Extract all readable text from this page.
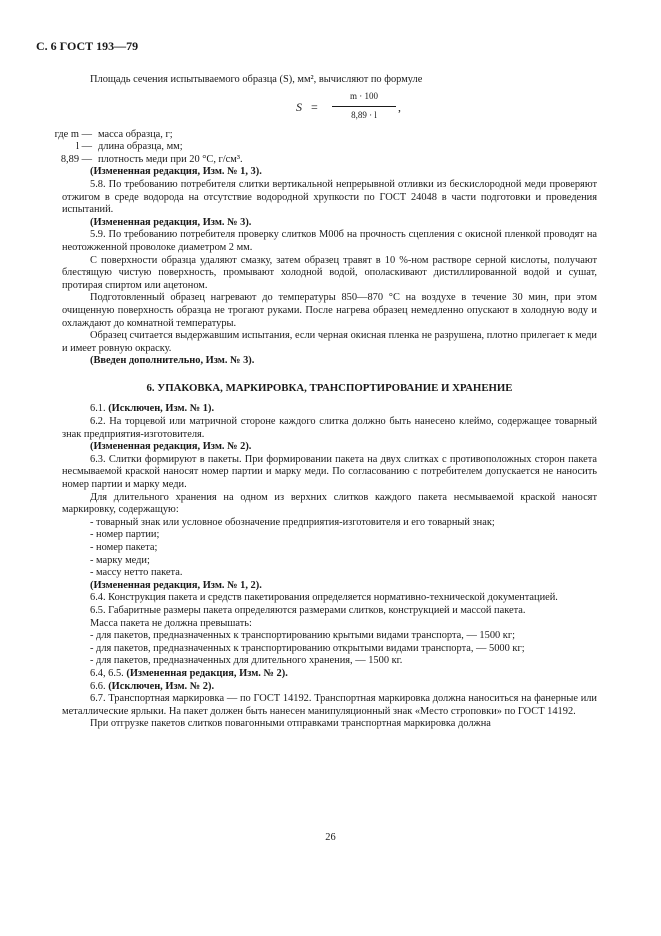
С. 6 ГОСТ 193—79

Площадь сечения испытываемого образца (S), мм², вычисляют по формуле

S =
m · 100
8,89 · l
,
где m — масса образца, г;
l — длина образца, мм;
8,89 — плотность меди при 20 °С, г/см³.

(Измененная редакция, Изм. № 1, 3).

5.8. По требованию потребителя слитки вертикальной непрерывной отливки из бескислородной меди проверяют отжигом в среде водорода на отсутствие водородной хрупкости по ГОСТ 24048 в части подготовки и проведения испытаний.

(Измененная редакция, Изм. № 3).

5.9. По требованию потребителя проверку слитков М00б на прочность сцепления с окисной пленкой проводят на неотожженной проволоке диаметром 2 мм.

С поверхности образца удаляют смазку, затем образец травят в 10 %-ном растворе серной кислоты, получают блестящую чистую поверхность, промывают холодной водой, ополаскивают дистиллированной водой и сушат, протирая спиртом или ацетоном.

Подготовленный образец нагревают до температуры 850—870 °С на воздухе в течение 30 мин, при этом очищенную поверхность образца не трогают руками. После нагрева образец немедленно опускают в холодную воду и охлаждают до комнатной температуры.

Образец считается выдержавшим испытания, если черная окисная пленка не разрушена, плотно прилегает к меди и имеет ровную окраску.

(Введен дополнительно, Изм. № 3).

6. УПАКОВКА, МАРКИРОВКА, ТРАНСПОРТИРОВАНИЕ И ХРАНЕНИЕ

6.1. (Исключен, Изм. № 1).

6.2. На торцевой или матричной стороне каждого слитка должно быть нанесено клеймо, содержащее товарный знак предприятия-изготовителя.

(Измененная редакция, Изм. № 2).

6.3. Слитки формируют в пакеты. При формировании пакета на двух слитках с противоположных сторон пакета несмываемой краской наносят номер партии и марку меди. По согласованию с потребителем допускается не наносить номер партии и марку меди.

Для длительного хранения на одном из верхних слитков каждого пакета несмываемой краской наносят маркировку, содержащую:

- товарный знак или условное обозначение предприятия-изготовителя и его товарный знак;

- номер партии;

- номер пакета;

- марку меди;

- массу нетто пакета.

(Измененная редакция, Изм. № 1, 2).

6.4. Конструкция пакета и средств пакетирования определяется нормативно-технической документацией.

6.5. Габаритные размеры пакета определяются размерами слитков, конструкцией и массой пакета.

Масса пакета не должна превышать:

- для пакетов, предназначенных к транспортированию крытыми видами транспорта, — 1500 кг;

- для пакетов, предназначенных к транспортированию открытыми видами транспорта, — 5000 кг;

- для пакетов, предназначенных для длительного хранения, — 1500 кг.

6.4, 6.5. (Измененная редакция, Изм. № 2).

6.6. (Исключен, Изм. № 2).

6.7. Транспортная маркировка — по ГОСТ 14192. Транспортная маркировка должна наноситься на фанерные или металлические ярлыки. На пакет должен быть нанесен манипуляционный знак «Место строповки» по ГОСТ 14192.

При отгрузке пакетов слитков повагонными отправками транспортная маркировка должна

26
